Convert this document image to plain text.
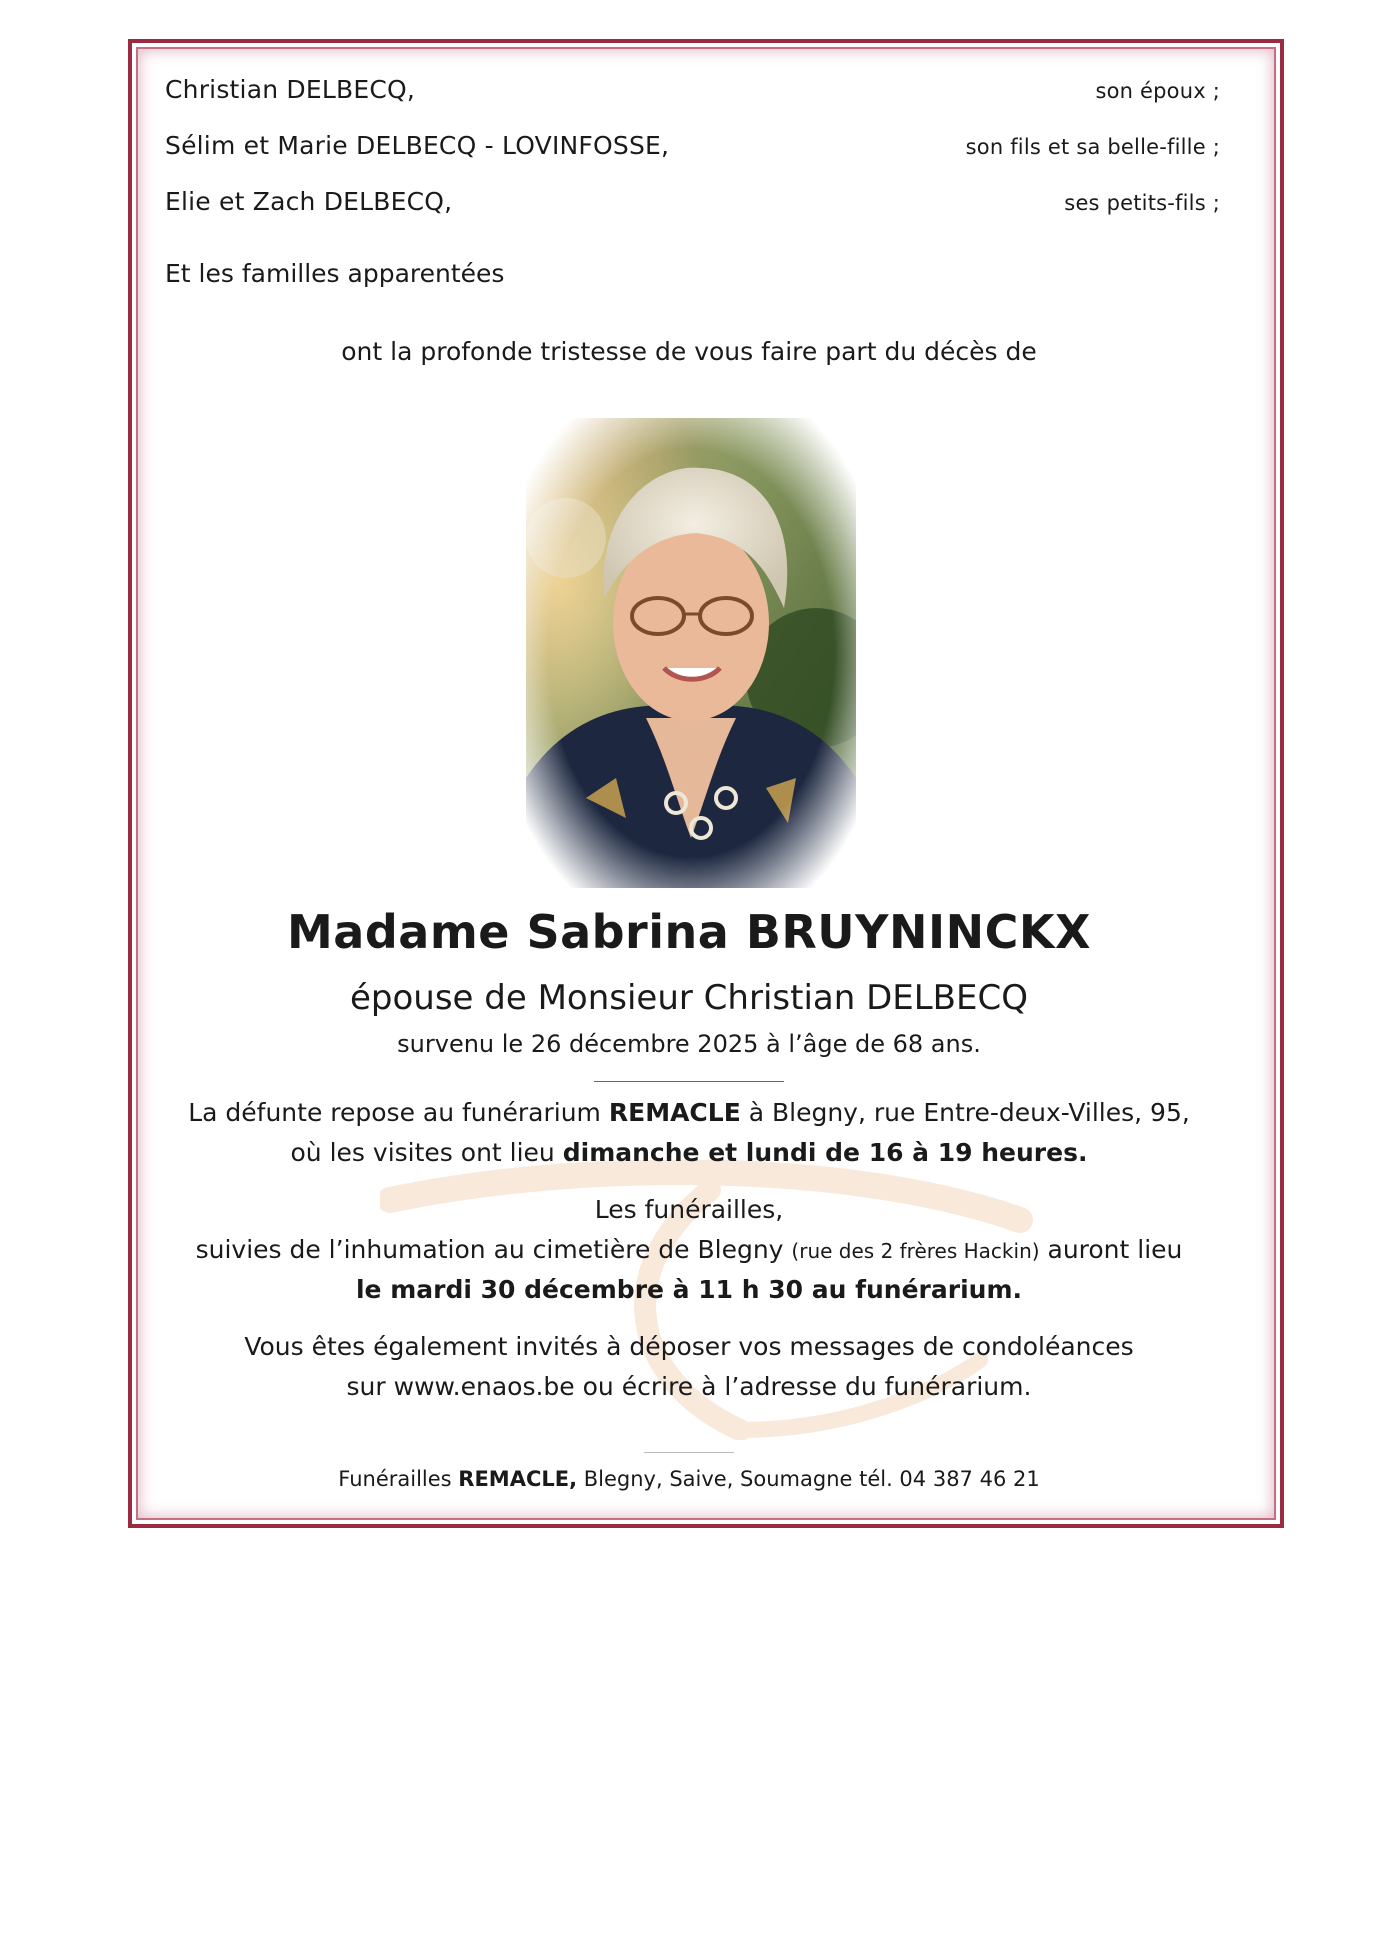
Christian DELBECQ,	son époux ;
Sélim et Marie DELBECQ - LOVINFOSSE,	son fils et sa belle-fille ;
Elie et Zach DELBECQ,	ses petits-fils ;
Et les familles apparentées
ont la profonde tristesse de vous faire part du décès de
Madame Sabrina BRUYNINCKX
épouse de Monsieur Christian DELBECQ
survenu le 26 décembre 2025 à l’âge de 68 ans.
La défunte repose au funérarium REMACLE à Blegny, rue Entre-deux-Villes, 95,
où les visites ont lieu dimanche et lundi de 16 à 19 heures.
Les funérailles,
suivies de l’inhumation au cimetière de Blegny (rue des 2 frères Hackin) auront lieu
le mardi 30 décembre à 11 h 30 au funérarium.
Vous êtes également invités à déposer vos messages de condoléances
sur www.enaos.be ou écrire à l’adresse du funérarium.
Funérailles REMACLE, Blegny, Saive, Soumagne tél. 04 387 46 21
